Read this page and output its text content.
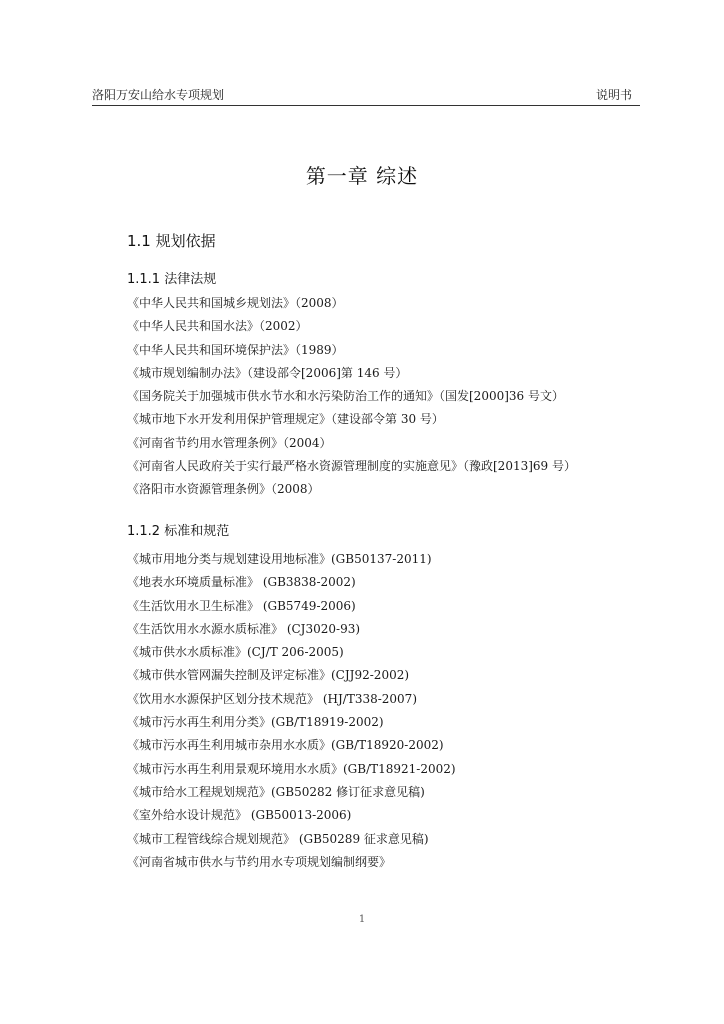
洛阳万安山给水专项规划	说明书
第一章 综述
1.1 规划依据
1.1.1 法律法规
《中华人民共和国城乡规划法》（2008）
《中华人民共和国水法》（2002）
《中华人民共和国环境保护法》（1989）
《城市规划编制办法》（建设部令[2006]第 146 号）
《国务院关于加强城市供水节水和水污染防治工作的通知》（国发[2000]36 号文）
《城市地下水开发利用保护管理规定》（建设部令第 30 号）
《河南省节约用水管理条例》（2004）
《河南省人民政府关于实行最严格水资源管理制度的实施意见》（豫政[2013]69 号）
《洛阳市水资源管理条例》（2008）
1.1.2 标准和规范
《城市用地分类与规划建设用地标准》(GB50137-2011)
《地表水环境质量标准》 (GB3838-2002)
《生活饮用水卫生标准》 (GB5749-2006)
《生活饮用水水源水质标准》 (CJ3020-93)
《城市供水水质标准》(CJ/T 206-2005)
《城市供水管网漏失控制及评定标准》(CJJ92-2002)
《饮用水水源保护区划分技术规范》 (HJ/T338-2007)
《城市污水再生利用分类》(GB/T18919-2002)
《城市污水再生利用城市杂用水水质》(GB/T18920-2002)
《城市污水再生利用景观环境用水水质》(GB/T18921-2002)
《城市给水工程规划规范》(GB50282 修订征求意见稿)
《室外给水设计规范》 (GB50013-2006)
《城市工程管线综合规划规范》 (GB50289 征求意见稿)
《河南省城市供水与节约用水专项规划编制纲要》
1
